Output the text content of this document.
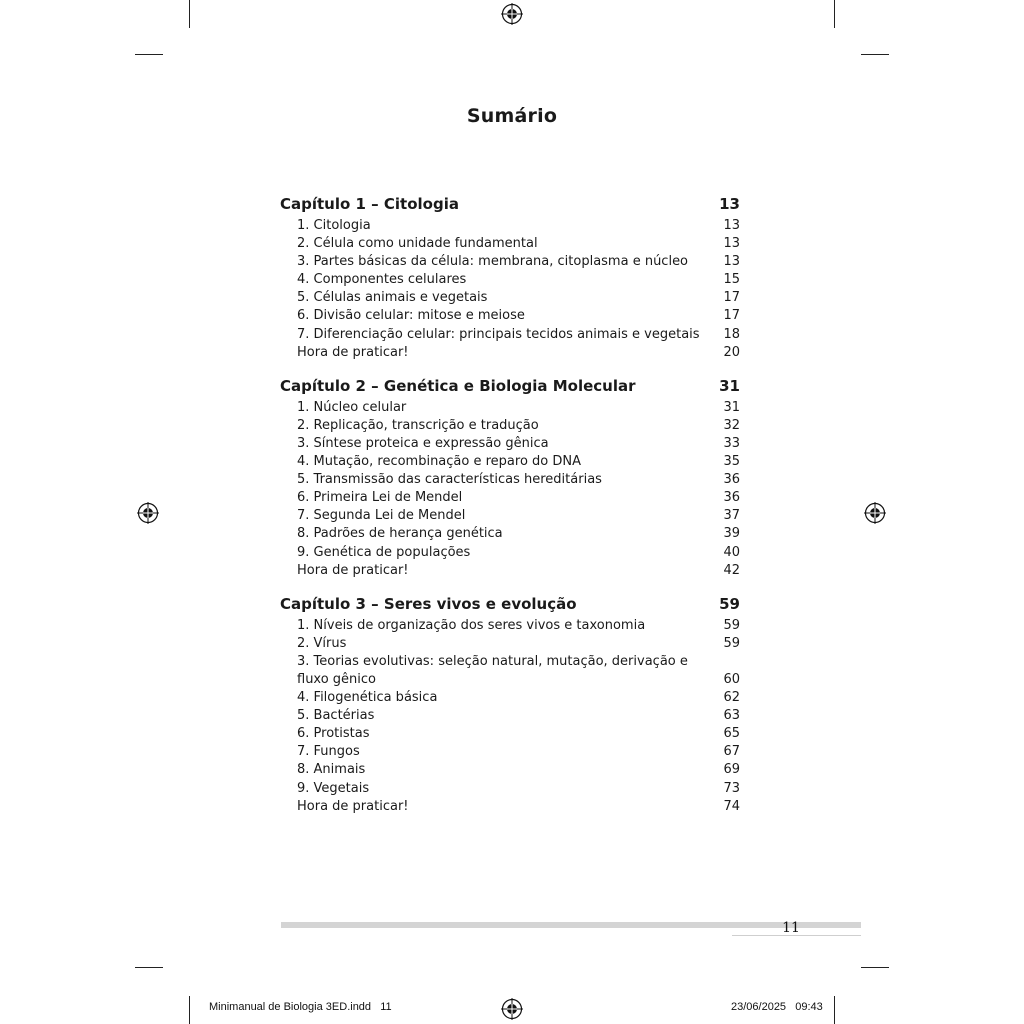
Sumário
Capítulo 1 – Citologia	13
1. Citologia	13
2. Célula como unidade fundamental	13
3. Partes básicas da célula: membrana, citoplasma e núcleo	13
4. Componentes celulares	15
5. Células animais e vegetais	17
6. Divisão celular: mitose e meiose	17
7. Diferenciação celular: principais tecidos animais e vegetais 18
Hora de praticar!	20
Capítulo 2 – Genética e Biologia Molecular	31
1. Núcleo celular	31
2. Replicação, transcrição e tradução	32
3. Síntese proteica e expressão gênica	33
4. Mutação, recombinação e reparo do DNA	35
5. Transmissão das características hereditárias	36
6. Primeira Lei de Mendel	36
7. Segunda Lei de Mendel	37
8. Padrões de herança genética	39
9. Genética de populações	40
Hora de praticar!	42
Capítulo 3 – Seres vivos e evolução	59
1. Níveis de organização dos seres vivos e taxonomia	59
2. Vírus	59
3. Teorias evolutivas: seleção natural, mutação, derivação e
fluxo gênico	60
4. Filogenética básica	62
5. Bactérias	63
6. Protistas	65
7. Fungos	67
8. Animais	69
9. Vegetais	73
Hora de praticar!	74
11
Minimanual de Biologia 3ED.indd   11	23/06/2025   09:43
